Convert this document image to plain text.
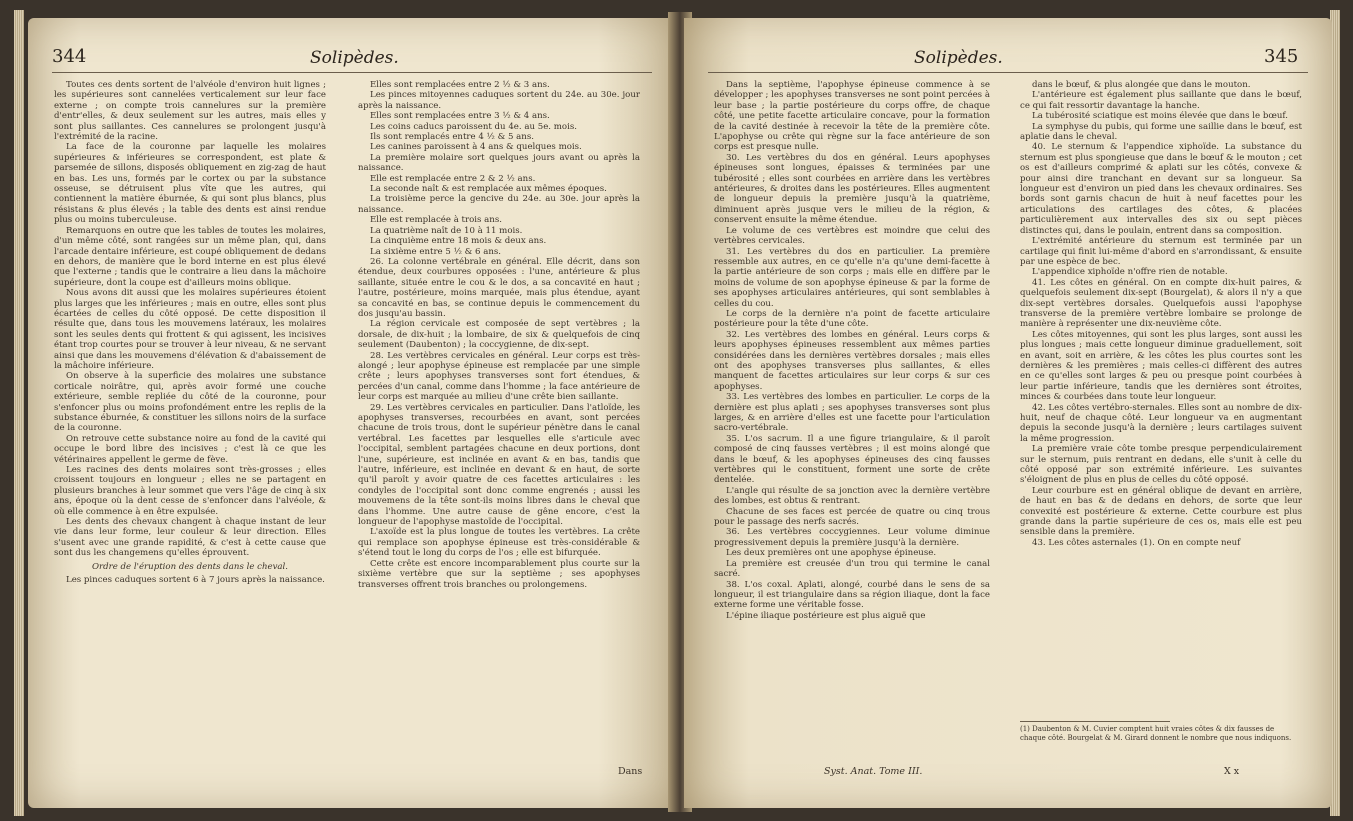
344	Solipèdes.

Toutes ces dents sortent de l'alvéole d'environ huit lignes ; les supérieures sont cannelées verticalement sur leur face externe ; on compte trois cannelures sur la première d'entr'elles, & deux seulement sur les autres, mais elles y sont plus saillantes. Ces cannelures se prolongent jusqu'à l'extrémité de la racine.

La face de la couronne par laquelle les molaires supérieures & inférieures se correspondent, est plate & parsemée de sillons, disposés obliquement en zig-zag de haut en bas. Les uns, formés par le cortex ou par la substance osseuse, se détruisent plus vîte que les autres, qui contiennent la matière éburnée, & qui sont plus blancs, plus résistans & plus élevés ; la table des dents est ainsi rendue plus ou moins tuberculeuse.

Remarquons en outre que les tables de toutes les molaires, d'un même côté, sont rangées sur un même plan, qui, dans l'arcade dentaire inférieure, est coupé obliquement de dedans en dehors, de manière que le bord interne en est plus élevé que l'externe ; tandis que le contraire a lieu dans la mâchoire supérieure, dont la coupe est d'ailleurs moins oblique.

Nous avons dit aussi que les molaires supérieures étoient plus larges que les inférieures ; mais en outre, elles sont plus écartées de celles du côté opposé. De cette disposition il résulte que, dans tous les mouvemens latéraux, les molaires sont les seules dents qui frottent & qui agissent, les incisives étant trop courtes pour se trouver à leur niveau, & ne servant ainsi que dans les mouvemens d'élévation & d'abaissement de la mâchoire inférieure.

On observe à la superficie des molaires une substance corticale noirâtre, qui, après avoir formé une couche extérieure, semble repliée du côté de la couronne, pour s'enfoncer plus ou moins profondément entre les replis de la substance éburnée, & constituer les sillons noirs de la surface de la couronne.

On retrouve cette substance noire au fond de la cavité qui occupe le bord libre des incisives ; c'est là ce que les vétérinaires appellent le germe de fève.

Les racines des dents molaires sont très-grosses ; elles croissent toujours en longueur ; elles ne se partagent en plusieurs branches à leur sommet que vers l'âge de cinq à six ans, époque où la dent cesse de s'enfoncer dans l'alvéole, & où elle commence à en être expulsée.

Les dents des chevaux changent à chaque instant de leur vie dans leur forme, leur couleur & leur direction. Elles s'usent avec une grande rapidité, & c'est à cette cause que sont dus les changemens qu'elles éprouvent.

Ordre de l'éruption des dents dans le cheval.

Les pinces caduques sortent 6 à 7 jours après la naissance.

Elles sont remplacées entre 2 ½ & 3 ans.

Les pinces mitoyennes caduques sortent du 24e. au 30e. jour après la naissance.

Elles sont remplacées entre 3 ½ & 4 ans.

Les coins caducs paroissent du 4e. au 5e. mois.

Ils sont remplacés entre 4 ½ & 5 ans.

Les canines paroissent à 4 ans & quelques mois.

La première molaire sort quelques jours avant ou après la naissance.

Elle est remplacée entre 2 & 2 ½ ans.

La seconde naît & est remplacée aux mêmes époques.

La troisième perce la gencive du 24e. au 30e. jour après la naissance.

Elle est remplacée à trois ans.

La quatrième naît de 10 à 11 mois.

La cinquième entre 18 mois & deux ans.

La sixième entre 5 ½ & 6 ans.

26. La colonne vertébrale en général. Elle décrit, dans son étendue, deux courbures opposées : l'une, antérieure & plus saillante, située entre le cou & le dos, a sa concavité en haut ; l'autre, postérieure, moins marquée, mais plus étendue, ayant sa concavité en bas, se continue depuis le commencement du dos jusqu'au bassin.

La région cervicale est composée de sept vertèbres ; la dorsale, de dix-huit ; la lombaire, de six & quelquefois de cinq seulement (Daubenton) ; la coccygienne, de dix-sept.

28. Les vertèbres cervicales en général. Leur corps est très-alongé ; leur apophyse épineuse est remplacée par une simple crête ; leurs apophyses transverses sont fort étendues, & percées d'un canal, comme dans l'homme ; la face antérieure de leur corps est marquée au milieu d'une crête bien saillante.

29. Les vertèbres cervicales en particulier. Dans l'atloïde, les apophyses transverses, recourbées en avant, sont percées chacune de trois trous, dont le supérieur pénètre dans le canal vertébral. Les facettes par lesquelles elle s'articule avec l'occipital, semblent partagées chacune en deux portions, dont l'une, supérieure, est inclinée en avant & en bas, tandis que l'autre, inférieure, est inclinée en devant & en haut, de sorte qu'il paroît y avoir quatre de ces facettes articulaires : les condyles de l'occipital sont donc comme engrenés ; aussi les mouvemens de la tête sont-ils moins libres dans le cheval que dans l'homme. Une autre cause de gêne encore, c'est la longueur de l'apophyse mastoïde de l'occipital.

L'axoïde est la plus longue de toutes les vertèbres. La crête qui remplace son apophyse épineuse est très-considérable & s'étend tout le long du corps de l'os ; elle est bifurquée.

Cette crête est encore incomparablement plus courte sur la sixième vertèbre que sur la septième ; ses apophyses transverses offrent trois branches ou prolongemens.

Dans
Solipèdes.	345

Dans la septième, l'apophyse épineuse commence à se développer ; les apophyses transverses ne sont point percées à leur base ; la partie postérieure du corps offre, de chaque côté, une petite facette articulaire concave, pour la formation de la cavité destinée à recevoir la tête de la première côte. L'apophyse ou crête qui règne sur la face antérieure de son corps est presque nulle.

30. Les vertèbres du dos en général. Leurs apophyses épineuses sont longues, épaisses & terminées par une tubérosité ; elles sont courbées en arrière dans les vertèbres antérieures, & droites dans les postérieures. Elles augmentent de longueur depuis la première jusqu'à la quatrième, diminuent après jusque vers le milieu de la région, & conservent ensuite la même étendue.

Le volume de ces vertèbres est moindre que celui des vertèbres cervicales.

31. Les vertèbres du dos en particulier. La première ressemble aux autres, en ce qu'elle n'a qu'une demi-facette à la partie antérieure de son corps ; mais elle en diffère par le moins de volume de son apophyse épineuse & par la forme de ses apophyses articulaires antérieures, qui sont semblables à celles du cou.

Le corps de la dernière n'a point de facette articulaire postérieure pour la tête d'une côte.

32. Les vertèbres des lombes en général. Leurs corps & leurs apophyses épineuses ressemblent aux mêmes parties considérées dans les dernières vertèbres dorsales ; mais elles ont des apophyses transverses plus saillantes, & elles manquent de facettes articulaires sur leur corps & sur ces apophyses.

33. Les vertèbres des lombes en particulier. Le corps de la dernière est plus aplati ; ses apophyses transverses sont plus larges, & en arrière d'elles est une facette pour l'articulation sacro-vertébrale.

35. L'os sacrum. Il a une figure triangulaire, & il paroît composé de cinq fausses vertèbres ; il est moins alongé que dans le bœuf, & les apophyses épineuses des cinq fausses vertèbres qui le constituent, forment une sorte de crête dentelée.

L'angle qui résulte de sa jonction avec la dernière vertèbre des lombes, est obtus & rentrant.

Chacune de ses faces est percée de quatre ou cinq trous pour le passage des nerfs sacrés.

36. Les vertèbres coccygiennes. Leur volume diminue progressivement depuis la première jusqu'à la dernière.

Les deux premières ont une apophyse épineuse.

La première est creusée d'un trou qui termine le canal sacré.

38. L'os coxal. Aplati, alongé, courbé dans le sens de sa longueur, il est triangulaire dans sa région iliaque, dont la face externe forme une véritable fosse.

L'épine iliaque postérieure est plus aiguë que

dans le bœuf, & plus alongée que dans le mouton.

L'antérieure est également plus saillante que dans le bœuf, ce qui fait ressortir davantage la hanche.

La tubérosité sciatique est moins élevée que dans le bœuf.

La symphyse du pubis, qui forme une saillie dans le bœuf, est aplatie dans le cheval.

40. Le sternum & l'appendice xiphoïde. La substance du sternum est plus spongieuse que dans le bœuf & le mouton ; cet os est d'ailleurs comprimé & aplati sur les côtés, convexe & pour ainsi dire tranchant en devant sur sa longueur. Sa longueur est d'environ un pied dans les chevaux ordinaires. Ses bords sont garnis chacun de huit à neuf facettes pour les articulations des cartilages des côtes, & placées particulièrement aux intervalles des six ou sept pièces distinctes qui, dans le poulain, entrent dans sa composition.

L'extrémité antérieure du sternum est terminée par un cartilage qui finit lui-même d'abord en s'arrondissant, & ensuite par une espèce de bec.

L'appendice xiphoïde n'offre rien de notable.

41. Les côtes en général. On en compte dix-huit paires, & quelquefois seulement dix-sept (Bourgelat), & alors il n'y a que dix-sept vertèbres dorsales. Quelquefois aussi l'apophyse transverse de la première vertèbre lombaire se prolonge de manière à représenter une dix-neuvième côte.

Les côtes mitoyennes, qui sont les plus larges, sont aussi les plus longues ; mais cette longueur diminue graduellement, soit en avant, soit en arrière, & les côtes les plus courtes sont les dernières & les premières ; mais celles-ci diffèrent des autres en ce qu'elles sont larges & peu ou presque point courbées à leur partie inférieure, tandis que les dernières sont étroites, minces & courbées dans toute leur longueur.

42. Les côtes vertébro-sternales. Elles sont au nombre de dix-huit, neuf de chaque côté. Leur longueur va en augmentant depuis la seconde jusqu'à la dernière ; leurs cartilages suivent la même progression.

La première vraie côte tombe presque perpendiculairement sur le sternum, puis rentrant en dedans, elle s'unit à celle du côté opposé par son extrémité inférieure. Les suivantes s'éloignent de plus en plus de celles du côté opposé.

Leur courbure est en général oblique de devant en arrière, de haut en bas & de dedans en dehors, de sorte que leur convexité est postérieure & externe. Cette courbure est plus grande dans la partie supérieure de ces os, mais elle est peu sensible dans la première.

43. Les côtes asternales (1). On en compte neuf

(1) Daubenton & M. Cuvier comptent huit vraies côtes & dix fausses de chaque côté. Bourgelat & M. Girard donnent le nombre que nous indiquons.
Syst. Anat. Tome III.	X x
